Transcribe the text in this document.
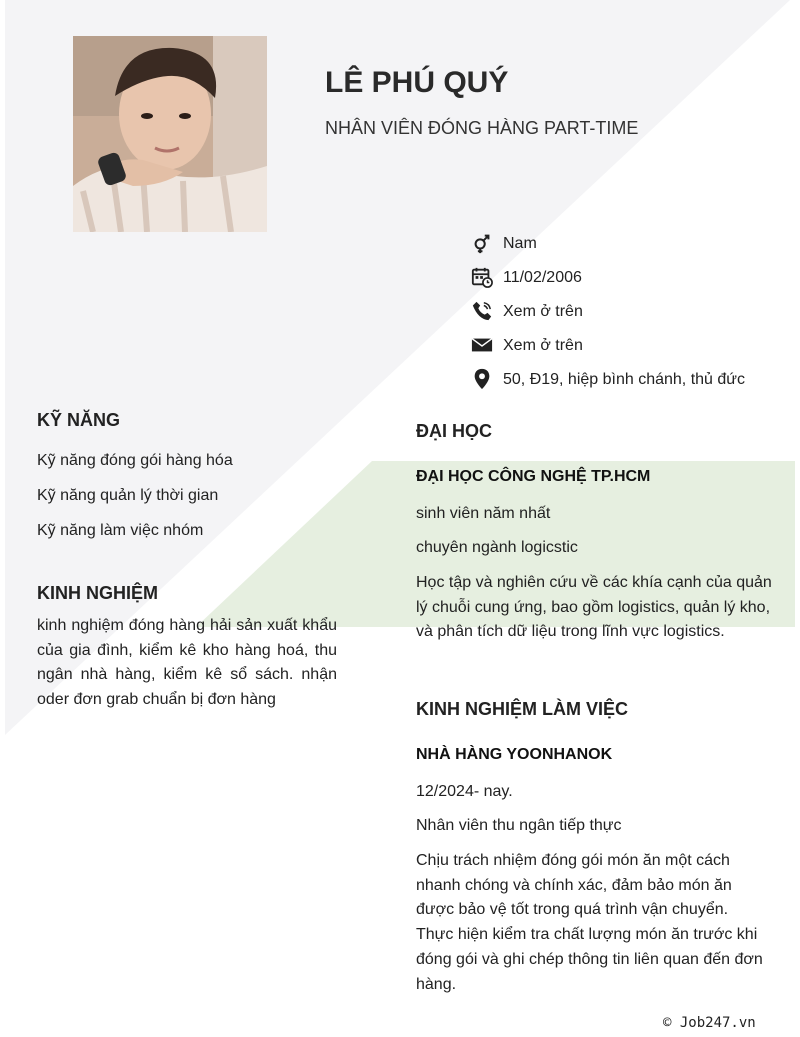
LÊ PHÚ QUÝ

NHÂN VIÊN ĐÓNG HÀNG PART-TIME

Nam
11/02/2006
Xem ở trên
Xem ở trên
50, Đ19, hiệp bình chánh, thủ đức
KỸ NĂNG
Kỹ năng đóng gói hàng hóa
Kỹ năng quản lý thời gian
Kỹ năng làm việc nhóm
KINH NGHIỆM
kinh nghiệm đóng hàng hải sản xuất khẩu của gia đình, kiểm kê kho hàng hoá, thu ngân nhà hàng, kiểm kê sổ sách. nhận oder đơn grab chuẩn bị đơn hàng
ĐẠI HỌC
ĐẠI HỌC CÔNG NGHỆ TP.HCM
sinh viên năm nhất
chuyên ngành logicstic
Học tập và nghiên cứu về các khía cạnh của quản lý chuỗi cung ứng, bao gồm logistics, quản lý kho, và phân tích dữ liệu trong lĩnh vực logistics.
KINH NGHIỆM LÀM VIỆC
NHÀ HÀNG YOONHANOK
12/2024- nay.
Nhân viên thu ngân tiếp thực
Chịu trách nhiệm đóng gói món ăn một cách nhanh chóng và chính xác, đảm bảo món ăn được bảo vệ tốt trong quá trình vận chuyển. Thực hiện kiểm tra chất lượng món ăn trước khi đóng gói và ghi chép thông tin liên quan đến đơn hàng.
© Job247.vn
